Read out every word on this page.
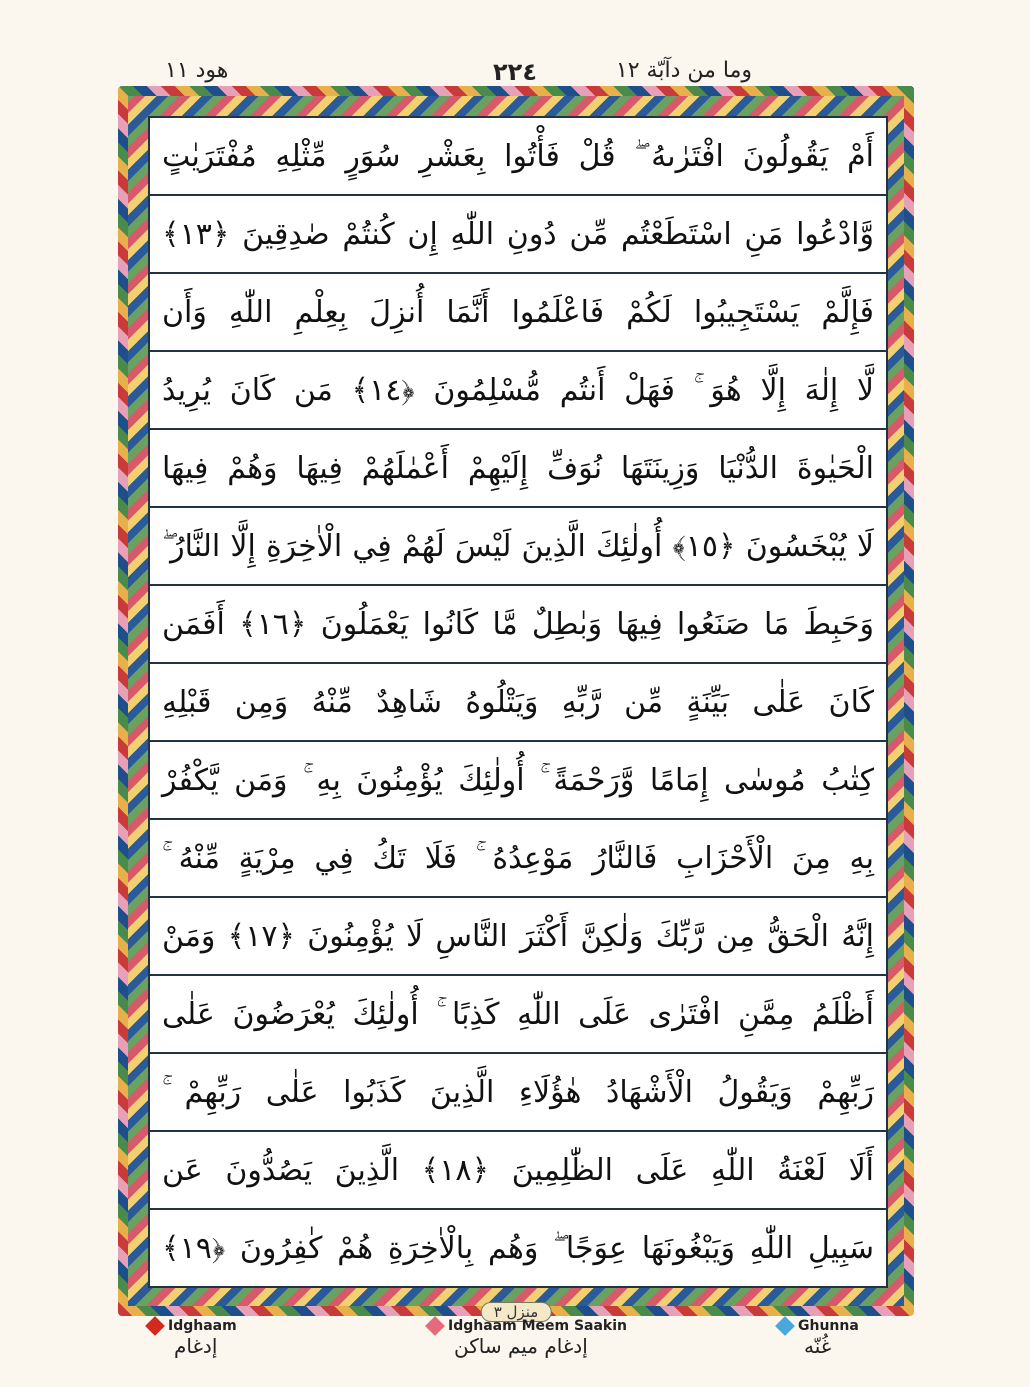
وما من دآبّة ١٢
٢٢٤
هود ١١
أَمْ يَقُولُونَ افْتَرٰىهُ ۖ قُلْ فَأْتُوا بِعَشْرِ سُوَرٍ مِّثْلِهِ مُفْتَرَيٰتٍ
وَّادْعُوا مَنِ اسْتَطَعْتُم مِّن دُونِ اللّٰهِ إِن كُنتُمْ صٰدِقِينَ ﴿١٣﴾
فَإِلَّمْ يَسْتَجِيبُوا لَكُمْ فَاعْلَمُوا أَنَّمَا أُنزِلَ بِعِلْمِ اللّٰهِ وَأَن
لَّا إِلٰهَ إِلَّا هُوَ ۚ فَهَلْ أَنتُم مُّسْلِمُونَ ﴿١٤﴾ مَن كَانَ يُرِيدُ
الْحَيٰوةَ الدُّنْيَا وَزِينَتَهَا نُوَفِّ إِلَيْهِمْ أَعْمٰلَهُمْ فِيهَا وَهُمْ فِيهَا
لَا يُبْخَسُونَ ﴿١٥﴾ أُولٰئِكَ الَّذِينَ لَيْسَ لَهُمْ فِي الْاٰخِرَةِ إِلَّا النَّارُ ۖ
وَحَبِطَ مَا صَنَعُوا فِيهَا وَبٰطِلٌ مَّا كَانُوا يَعْمَلُونَ ﴿١٦﴾ أَفَمَن
كَانَ عَلٰى بَيِّنَةٍ مِّن رَّبِّهِ وَيَتْلُوهُ شَاهِدٌ مِّنْهُ وَمِن قَبْلِهِ
كِتٰبُ مُوسٰى إِمَامًا وَّرَحْمَةً ۚ أُولٰئِكَ يُؤْمِنُونَ بِهِ ۚ وَمَن يَّكْفُرْ
بِهِ مِنَ الْأَحْزَابِ فَالنَّارُ مَوْعِدُهُ ۚ فَلَا تَكُ فِي مِرْيَةٍ مِّنْهُ ۚ
إِنَّهُ الْحَقُّ مِن رَّبِّكَ وَلٰكِنَّ أَكْثَرَ النَّاسِ لَا يُؤْمِنُونَ ﴿١٧﴾ وَمَنْ
أَظْلَمُ مِمَّنِ افْتَرٰى عَلَى اللّٰهِ كَذِبًا ۚ أُولٰئِكَ يُعْرَضُونَ عَلٰى
رَبِّهِمْ وَيَقُولُ الْأَشْهَادُ هٰؤُلَاءِ الَّذِينَ كَذَبُوا عَلٰى رَبِّهِمْ ۚ
أَلَا لَعْنَةُ اللّٰهِ عَلَى الظّٰلِمِينَ ﴿١٨﴾ الَّذِينَ يَصُدُّونَ عَن
سَبِيلِ اللّٰهِ وَيَبْغُونَهَا عِوَجًا ۖ وَهُم بِالْاٰخِرَةِ هُمْ كٰفِرُونَ ﴿١٩﴾
منزل ٣
Idghaam
إدغام
Idghaam Meem Saakin
إدغام ميم ساكن
Ghunna
غُنّه
